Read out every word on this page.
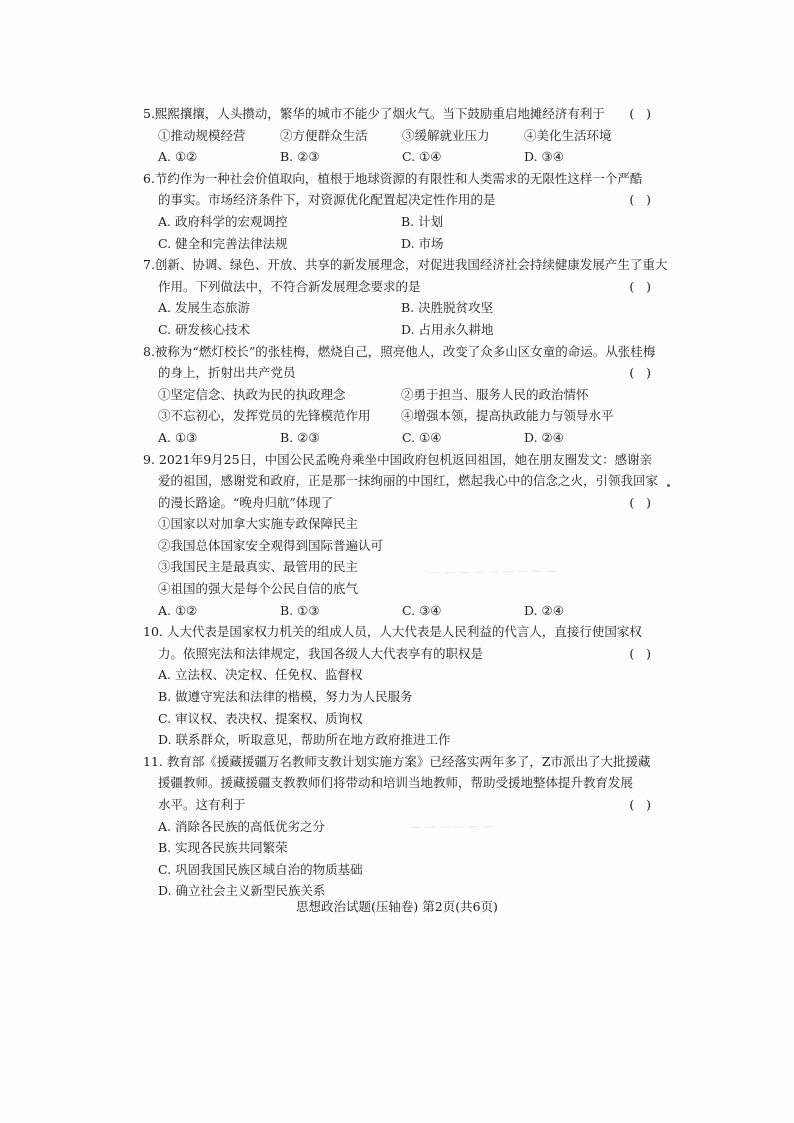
— — — — — —
— — — — — — — — —
5.熙熙攘攘，人头攒动，繁华的城市不能少了烟火气。当下鼓励重启地摊经济有利于 (   )
①推动规模经营	②方便群众生活	③缓解就业压力	④美化生活环境
A. ①②	B. ②③	C. ①④	D. ③④
6.节约作为一种社会价值取向，植根于地球资源的有限性和人类需求的无限性这样一个严酷
的事实。市场经济条件下，对资源优化配置起决定性作用的是	(   )
A. 政府科学的宏观调控	B. 计划
C. 健全和完善法律法规	D. 市场
7.创新、协调、绿色、开放、共享的新发展理念，对促进我国经济社会持续健康发展产生了重大
作用。下列做法中，不符合新发展理念要求的是	(   )
A. 发展生态旅游	B. 决胜脱贫攻坚
C. 研发核心技术	D. 占用永久耕地
8.被称为“燃灯校长”的张桂梅，燃烧自己，照亮他人，改变了众多山区女童的命运。从张桂梅
的身上，折射出共产党员	(   )
①坚定信念、执政为民的执政理念	②勇于担当、服务人民的政治情怀
③不忘初心，发挥党员的先锋模范作用	④增强本领，提高执政能力与领导水平
A. ①③	B. ②③	C. ①④	D. ②④
9. 2021年9月25日，中国公民孟晚舟乘坐中国政府包机返回祖国，她在朋友圈发文：感谢亲
爱的祖国，感谢党和政府，正是那一抹绚丽的中国红，燃起我心中的信念之火，引领我回家
的漫长路途。“晚舟归航”体现了	(   )
①国家以对加拿大实施专政保障民主
②我国总体国家安全观得到国际普遍认可
③我国民主是最真实、最管用的民主
④祖国的强大是每个公民自信的底气
A. ①②	B. ①③	C. ③④	D. ②④
10. 人大代表是国家权力机关的组成人员，人大代表是人民利益的代言人，直接行使国家权
力。依照宪法和法律规定，我国各级人大代表享有的职权是	(   )
A. 立法权、决定权、任免权、监督权
B. 做遵守宪法和法律的楷模，努力为人民服务
C. 审议权、表决权、提案权、质询权
D. 联系群众，听取意见，帮助所在地方政府推进工作
11. 教育部《援藏援疆万名教师支教计划实施方案》已经落实两年多了，Z市派出了大批援藏
援疆教师。援藏援疆支教教师们将带动和培训当地教师，帮助受援地整体提升教育发展
水平。这有利于	(   )
A. 消除各民族的高低优劣之分
B. 实现各民族共同繁荣
C. 巩固我国民族区域自治的物质基础
D. 确立社会主义新型民族关系
思想政治试题(压轴卷) 第2页(共6页)
